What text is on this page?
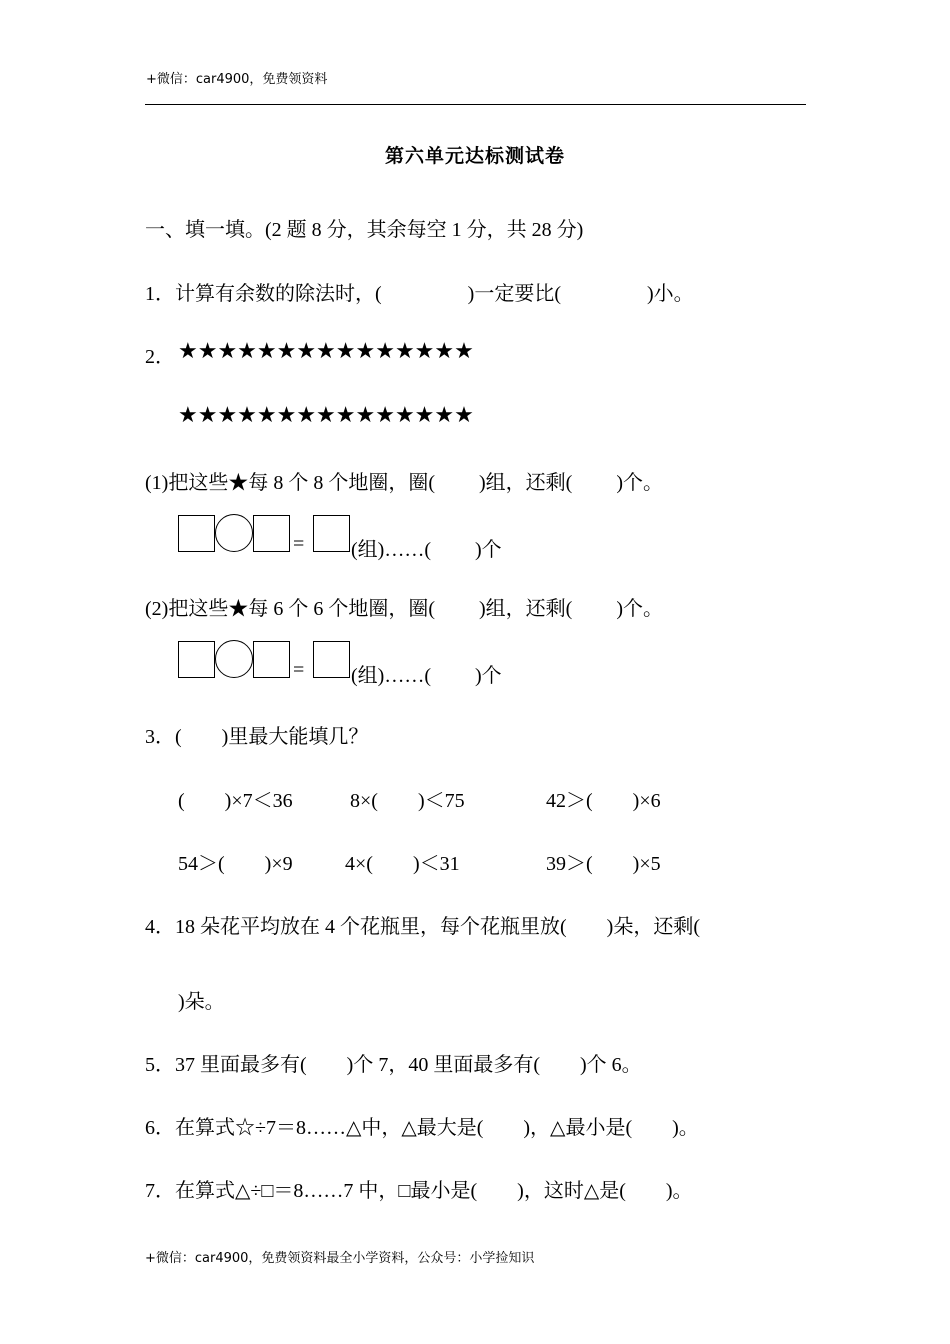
+微信：car4900，免费领资料
第六单元达标测试卷
一、填一填。(2 题 8 分，其余每空 1 分，共 28 分)
1．计算有余数的除法时，(	)一定要比(	)小。
2． ★★★★★★★★★★★★★★★
★★★★★★★★★★★★★★★
(1)把这些★每 8 个 8 个地圈，圈( )组，还剩( )个。
= (组)……( )个
(2)把这些★每 6 个 6 个地圈，圈( )组，还剩( )个。
= (组)……( )个
3．(　　)里最大能填几？
(　　)×7＜36	8×(　　)＜75	42＞(　　)×6
54＞(　　)×9	4×(　　)＜31	39＞(　　)×5
4．18 朵花平均放在 4 个花瓶里，每个花瓶里放(　　)朵，还剩(
)朵。
5．37 里面最多有(　　)个 7，40 里面最多有(　　)个 6。
6．在算式☆÷7＝8……△中，△最大是(　　)，△最小是(　　)。
7．在算式△÷□＝8……7 中，□最小是(　　)，这时△是(　　)。
+微信：car4900，免费领资料最全小学资料，公众号：小学捡知识
